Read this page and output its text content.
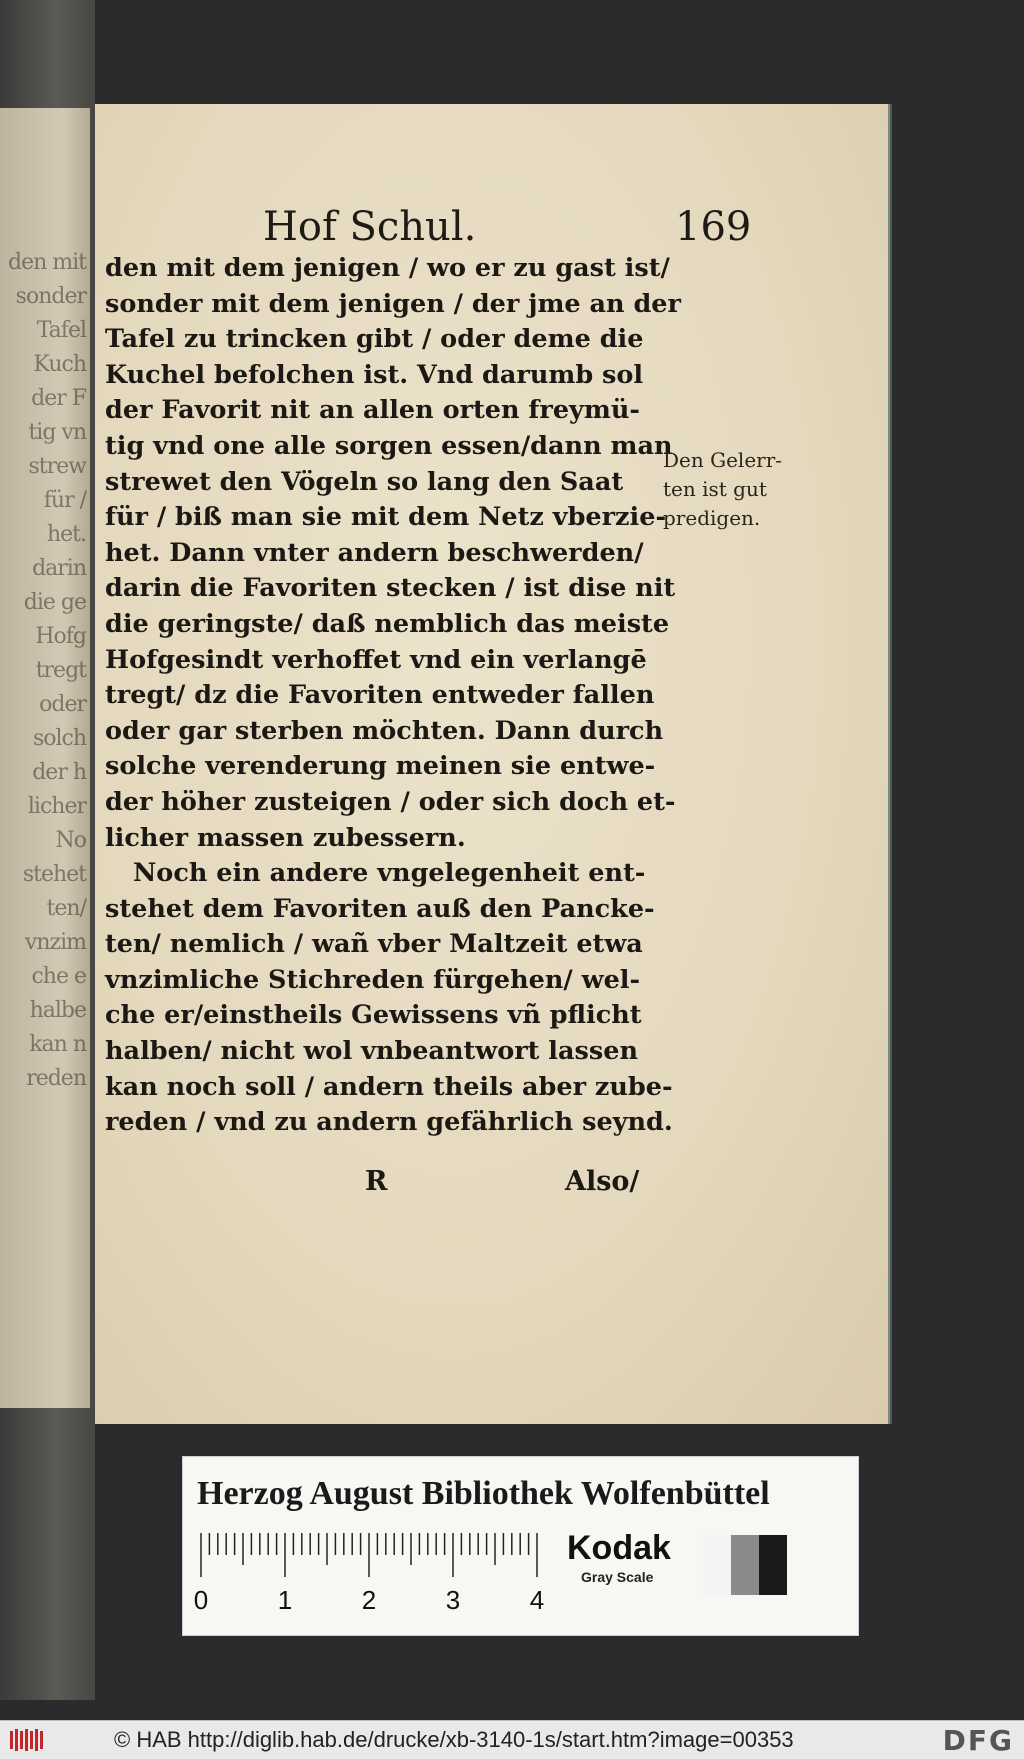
den mit
sonder
Tafel
Kuch
der F
tig vn
strew
für /
het.
darin
die ge
Hofg
tregt
oder
solch
der h
licher
No
stehet
ten/
vnzim
che e
halbe
kan n
reden
Hof Schul.	169
den mit dem jenigen / wo er zu gast ist/
sonder mit dem jenigen / der jme an der
Tafel zu trincken gibt / oder deme die
Kuchel befolchen ist. Vnd darumb sol
der Favorit nit an allen orten freymü-
tig vnd one alle sorgen essen/dann man
strewet den Vögeln so lang den Saat
für / biß man sie mit dem Netz vberzie-
het. Dann vnter andern beschwerden/
darin die Favoriten stecken / ist dise nit
die geringste/ daß nemblich das meiste
Hofgesindt verhoffet vnd ein verlangē
tregt/ dz die Favoriten entweder fallen
oder gar sterben möchten. Dann durch
solche verenderung meinen sie entwe-
der höher zusteigen / oder sich doch et-
licher massen zubessern.
Noch ein andere vngelegenheit ent-
stehet dem Favoriten auß den Pancke-
ten/ nemlich / wañ vber Maltzeit etwa
vnzimliche Stichreden fürgehen/ wel-
che er/einstheils Gewissens vñ pflicht
halben/ nicht wol vnbeantwort lassen
kan noch soll / andern theils aber zube-
reden / vnd zu andern gefährlich seynd.
Den Gelerr-
ten ist gut
predigen.
R	Also/
Herzog August Bibliothek Wolfenbüttel
0	1	2	3	4
Kodak
Gray Scale
© HAB http://diglib.hab.de/drucke/xb-3140-1s/start.htm?image=00353	DFG
